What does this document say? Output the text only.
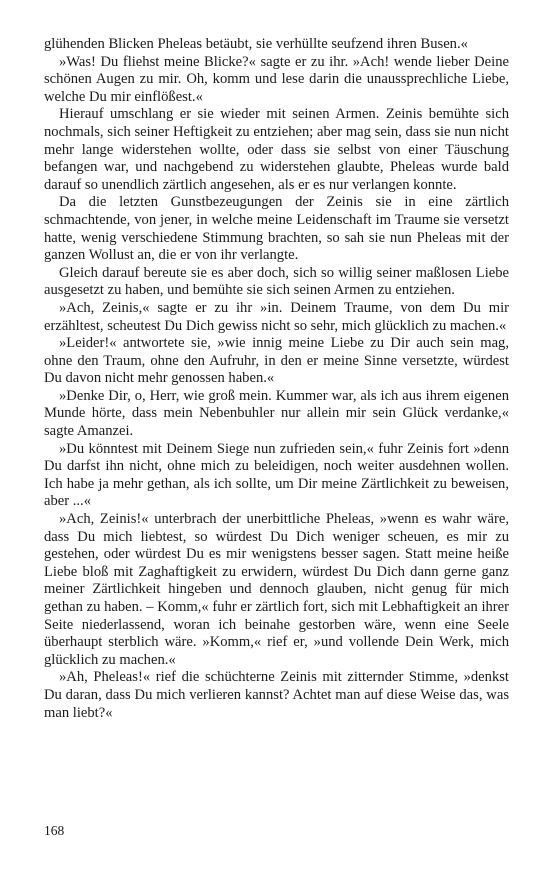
glühenden Blicken Pheleas betäubt, sie verhüllte seufzend ihren Busen.«

»Was! Du fliehst meine Blicke?« sagte er zu ihr. »Ach! wende lieber Deine schönen Augen zu mir. Oh, komm und lese darin die unaussprechliche Liebe, welche Du mir einflößest.«

Hierauf umschlang er sie wieder mit seinen Armen. Zeinis bemühte sich nochmals, sich seiner Heftigkeit zu entziehen; aber mag sein, dass sie nun nicht mehr lange widerstehen wollte, oder dass sie selbst von einer Täuschung befangen war, und nachgebend zu widerstehen glaubte, Pheleas wurde bald darauf so unendlich zärtlich angesehen, als er es nur verlangen konnte.

Da die letzten Gunstbezeugungen der Zeinis sie in eine zärtlich schmachtende, von jener, in welche meine Leidenschaft im Traume sie versetzt hatte, wenig verschiedene Stimmung brachten, so sah sie nun Pheleas mit der ganzen Wollust an, die er von ihr verlangte.

Gleich darauf bereute sie es aber doch, sich so willig seiner maßlosen Liebe ausgesetzt zu haben, und bemühte sie sich seinen Armen zu entziehen.

»Ach, Zeinis,« sagte er zu ihr »in. Deinem Traume, von dem Du mir erzähltest, scheutest Du Dich gewiss nicht so sehr, mich glücklich zu machen.«

»Leider!« antwortete sie, »wie innig meine Liebe zu Dir auch sein mag, ohne den Traum, ohne den Aufruhr, in den er meine Sinne versetzte, würdest Du davon nicht mehr genossen haben.«

»Denke Dir, o, Herr, wie groß mein. Kummer war, als ich aus ihrem eigenen Munde hörte, dass mein Nebenbuhler nur allein mir sein Glück verdanke,« sagte Amanzei.

»Du könntest mit Deinem Siege nun zufrieden sein,« fuhr Zeinis fort »denn Du darfst ihn nicht, ohne mich zu beleidigen, noch weiter ausdehnen wollen. Ich habe ja mehr gethan, als ich sollte, um Dir meine Zärtlichkeit zu beweisen, aber ...«

»Ach, Zeinis!« unterbrach der unerbittliche Pheleas, »wenn es wahr wäre, dass Du mich liebtest, so würdest Du Dich weniger scheuen, es mir zu gestehen, oder würdest Du es mir wenigstens besser sagen. Statt meine heiße Liebe bloß mit Zaghaftigkeit zu erwidern, würdest Du Dich dann gerne ganz meiner Zärtlichkeit hingeben und dennoch glauben, nicht genug für mich gethan zu haben. – Komm,« fuhr er zärtlich fort, sich mit Lebhaftigkeit an ihrer Seite niederlassend, woran ich beinahe gestorben wäre, wenn eine Seele überhaupt sterblich wäre. »Komm,« rief er, »und vollende Dein Werk, mich glücklich zu machen.«

»Ah, Pheleas!« rief die schüchterne Zeinis mit zitternder Stimme, »denkst Du daran, dass Du mich verlieren kannst? Achtet man auf diese Weise das, was man liebt?«

168
